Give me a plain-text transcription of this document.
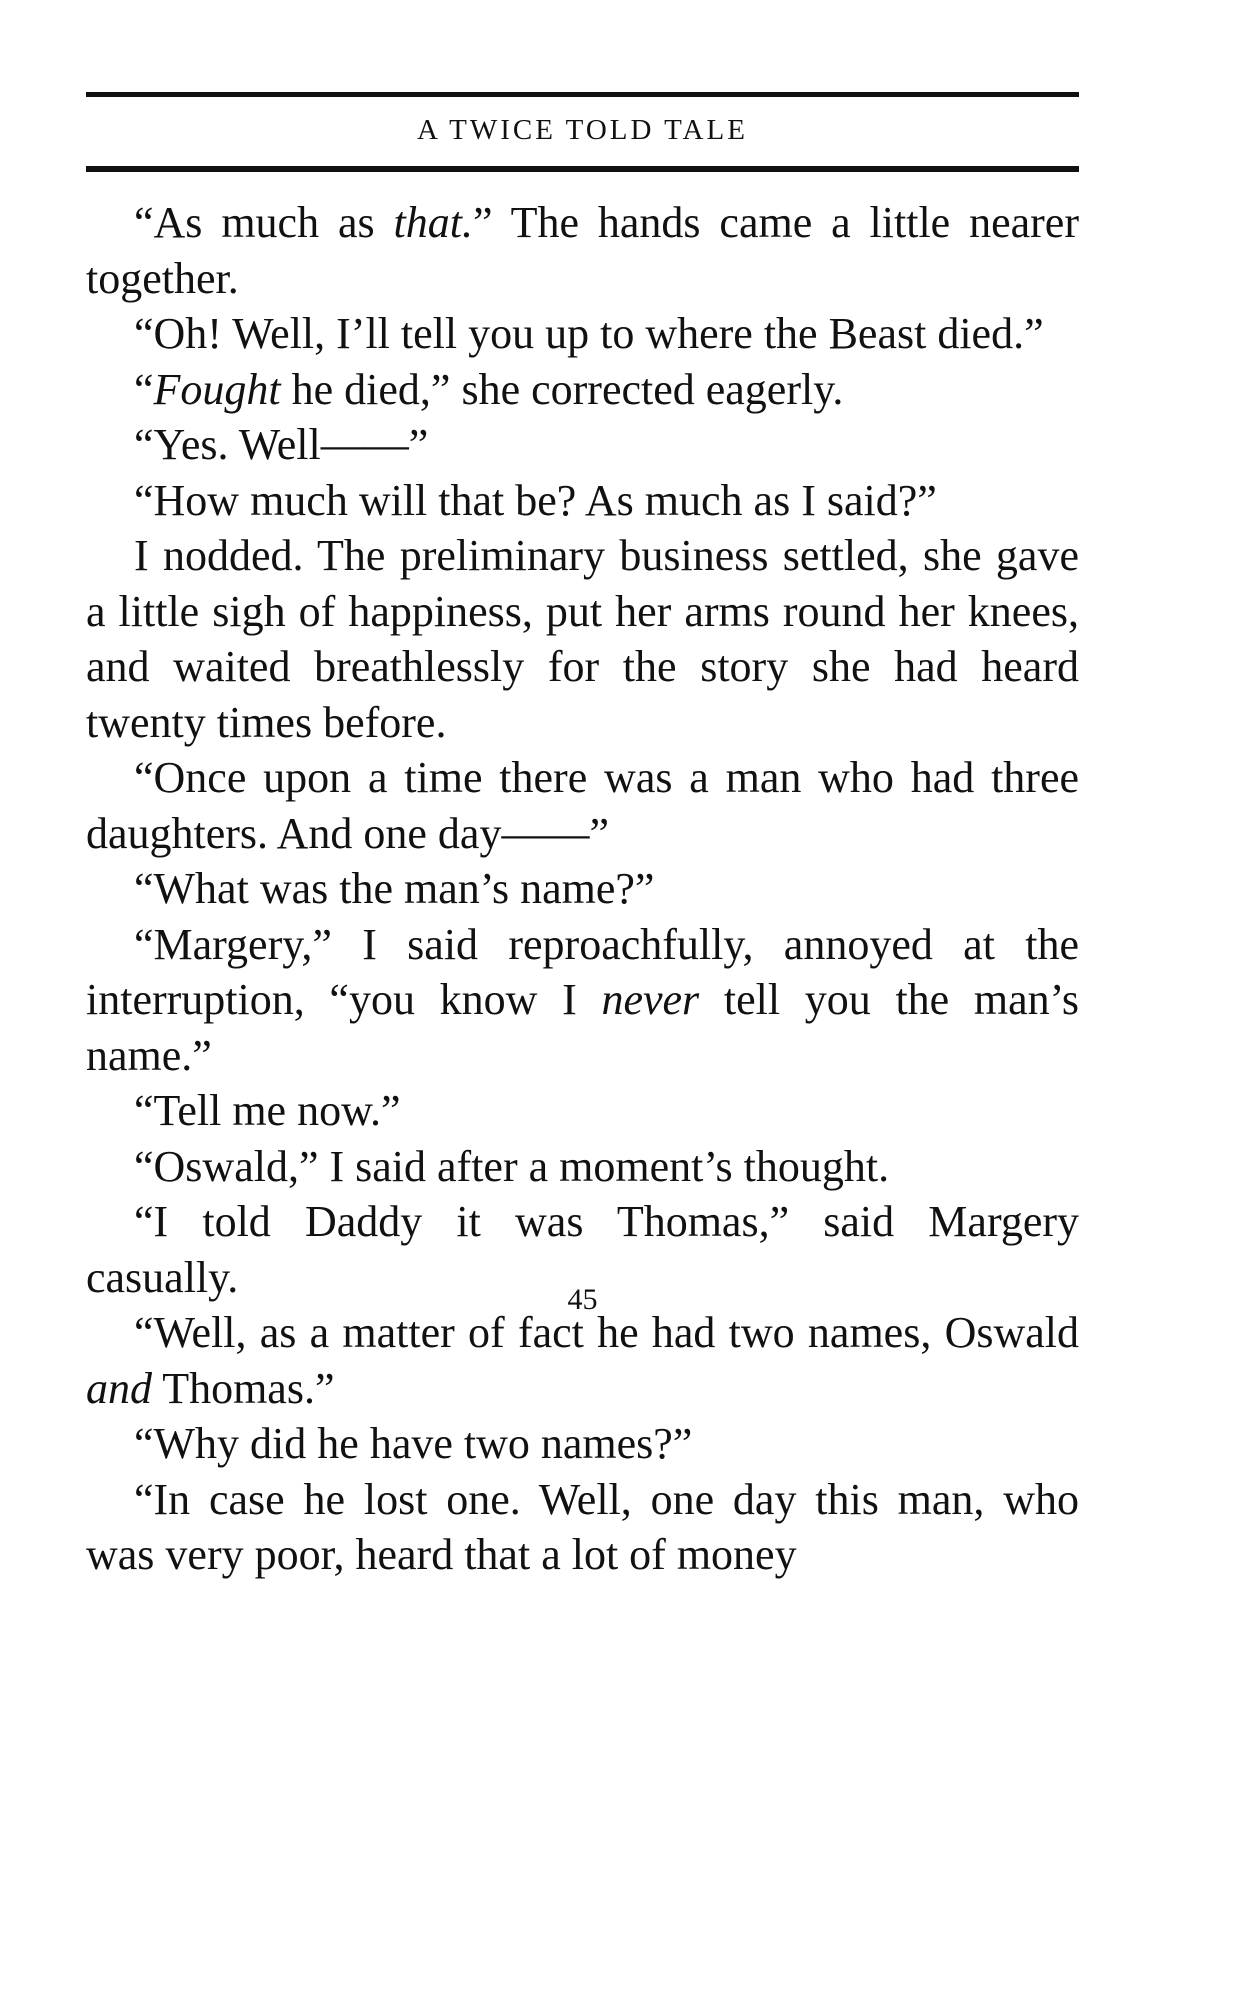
A TWICE TOLD TALE

“As much as that.” The hands came a little nearer together.

“Oh! Well, I’ll tell you up to where the Beast died.”

“Fought he died,” she corrected eagerly.

“Yes. Well——”

“How much will that be? As much as I said?”

I nodded. The preliminary business settled, she gave a little sigh of happiness, put her arms round her knees, and waited breathlessly for the story she had heard twenty times before.

“Once upon a time there was a man who had three daughters. And one day——”

“What was the man’s name?”

“Margery,” I said reproachfully, annoyed at the interruption, “you know I never tell you the man’s name.”

“Tell me now.”

“Oswald,” I said after a moment’s thought.

“I told Daddy it was Thomas,” said Margery casually.

“Well, as a matter of fact he had two names, Oswald and Thomas.”

“Why did he have two names?”

“In case he lost one. Well, one day this man, who was very poor, heard that a lot of money

45
